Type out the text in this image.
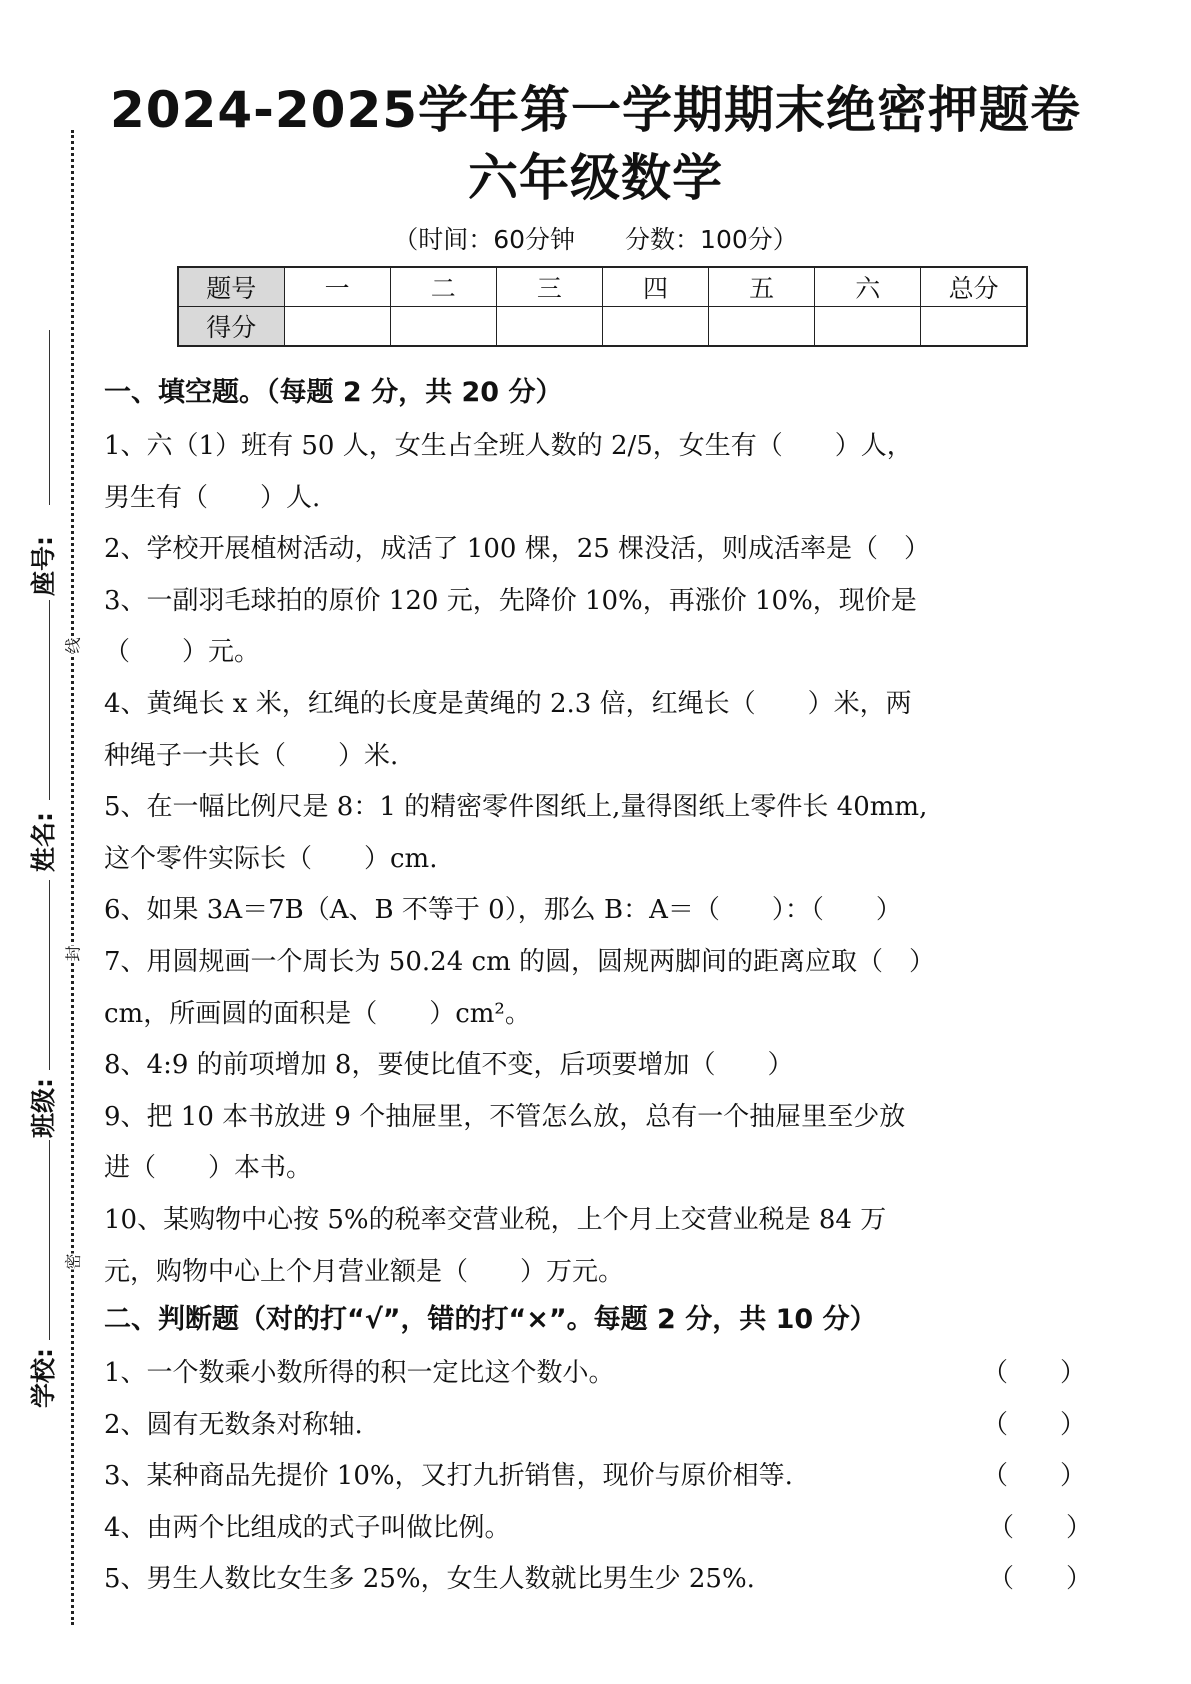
座号:
姓名:
班级:
学校:
线
封
密
2024-2025学年第一学期期末绝密押题卷
六年级数学
（时间：60分钟　　分数：100分）
题号	一	二	三	四	五	六	总分
得分							
一、填空题。（每题 2 分，共 20 分）
1、六（1）班有 50 人，女生占全班人数的 2/5，女生有（　　）人，
男生有（　　）人.
2、学校开展植树活动，成活了 100 棵，25 棵没活，则成活率是（　）
3、一副羽毛球拍的原价 120 元，先降价 10%，再涨价 10%，现价是
（　　）元。
4、黄绳长 x 米，红绳的长度是黄绳的 2.3 倍，红绳长（　　）米，两
种绳子一共长（　　）米.
5、在一幅比例尺是 8：1 的精密零件图纸上,量得图纸上零件长 40mm,
这个零件实际长（　　）cm.
6、如果 3A＝7B（A、B 不等于 0），那么 B：A＝（　　）：（　　）
7、用圆规画一个周长为 50.24 cm 的圆，圆规两脚间的距离应取（　）
cm，所画圆的面积是（　　）cm²。
8、4:9 的前项增加 8，要使比值不变，后项要增加（　　）
9、把 10 本书放进 9 个抽屉里，不管怎么放，总有一个抽屉里至少放
进（　　）本书。
10、某购物中心按 5%的税率交营业税，上个月上交营业税是 84 万
元，购物中心上个月营业额是（　　）万元。
二、判断题（对的打“√”，错的打“×”。每题 2 分，共 10 分）
1、一个数乘小数所得的积一定比这个数小。	（　　）
2、圆有无数条对称轴.	（　　）
3、某种商品先提价 10%，又打九折销售，现价与原价相等.	（　　）
4、由两个比组成的式子叫做比例。	（　　）
5、男生人数比女生多 25%，女生人数就比男生少 25%.	（　　）
